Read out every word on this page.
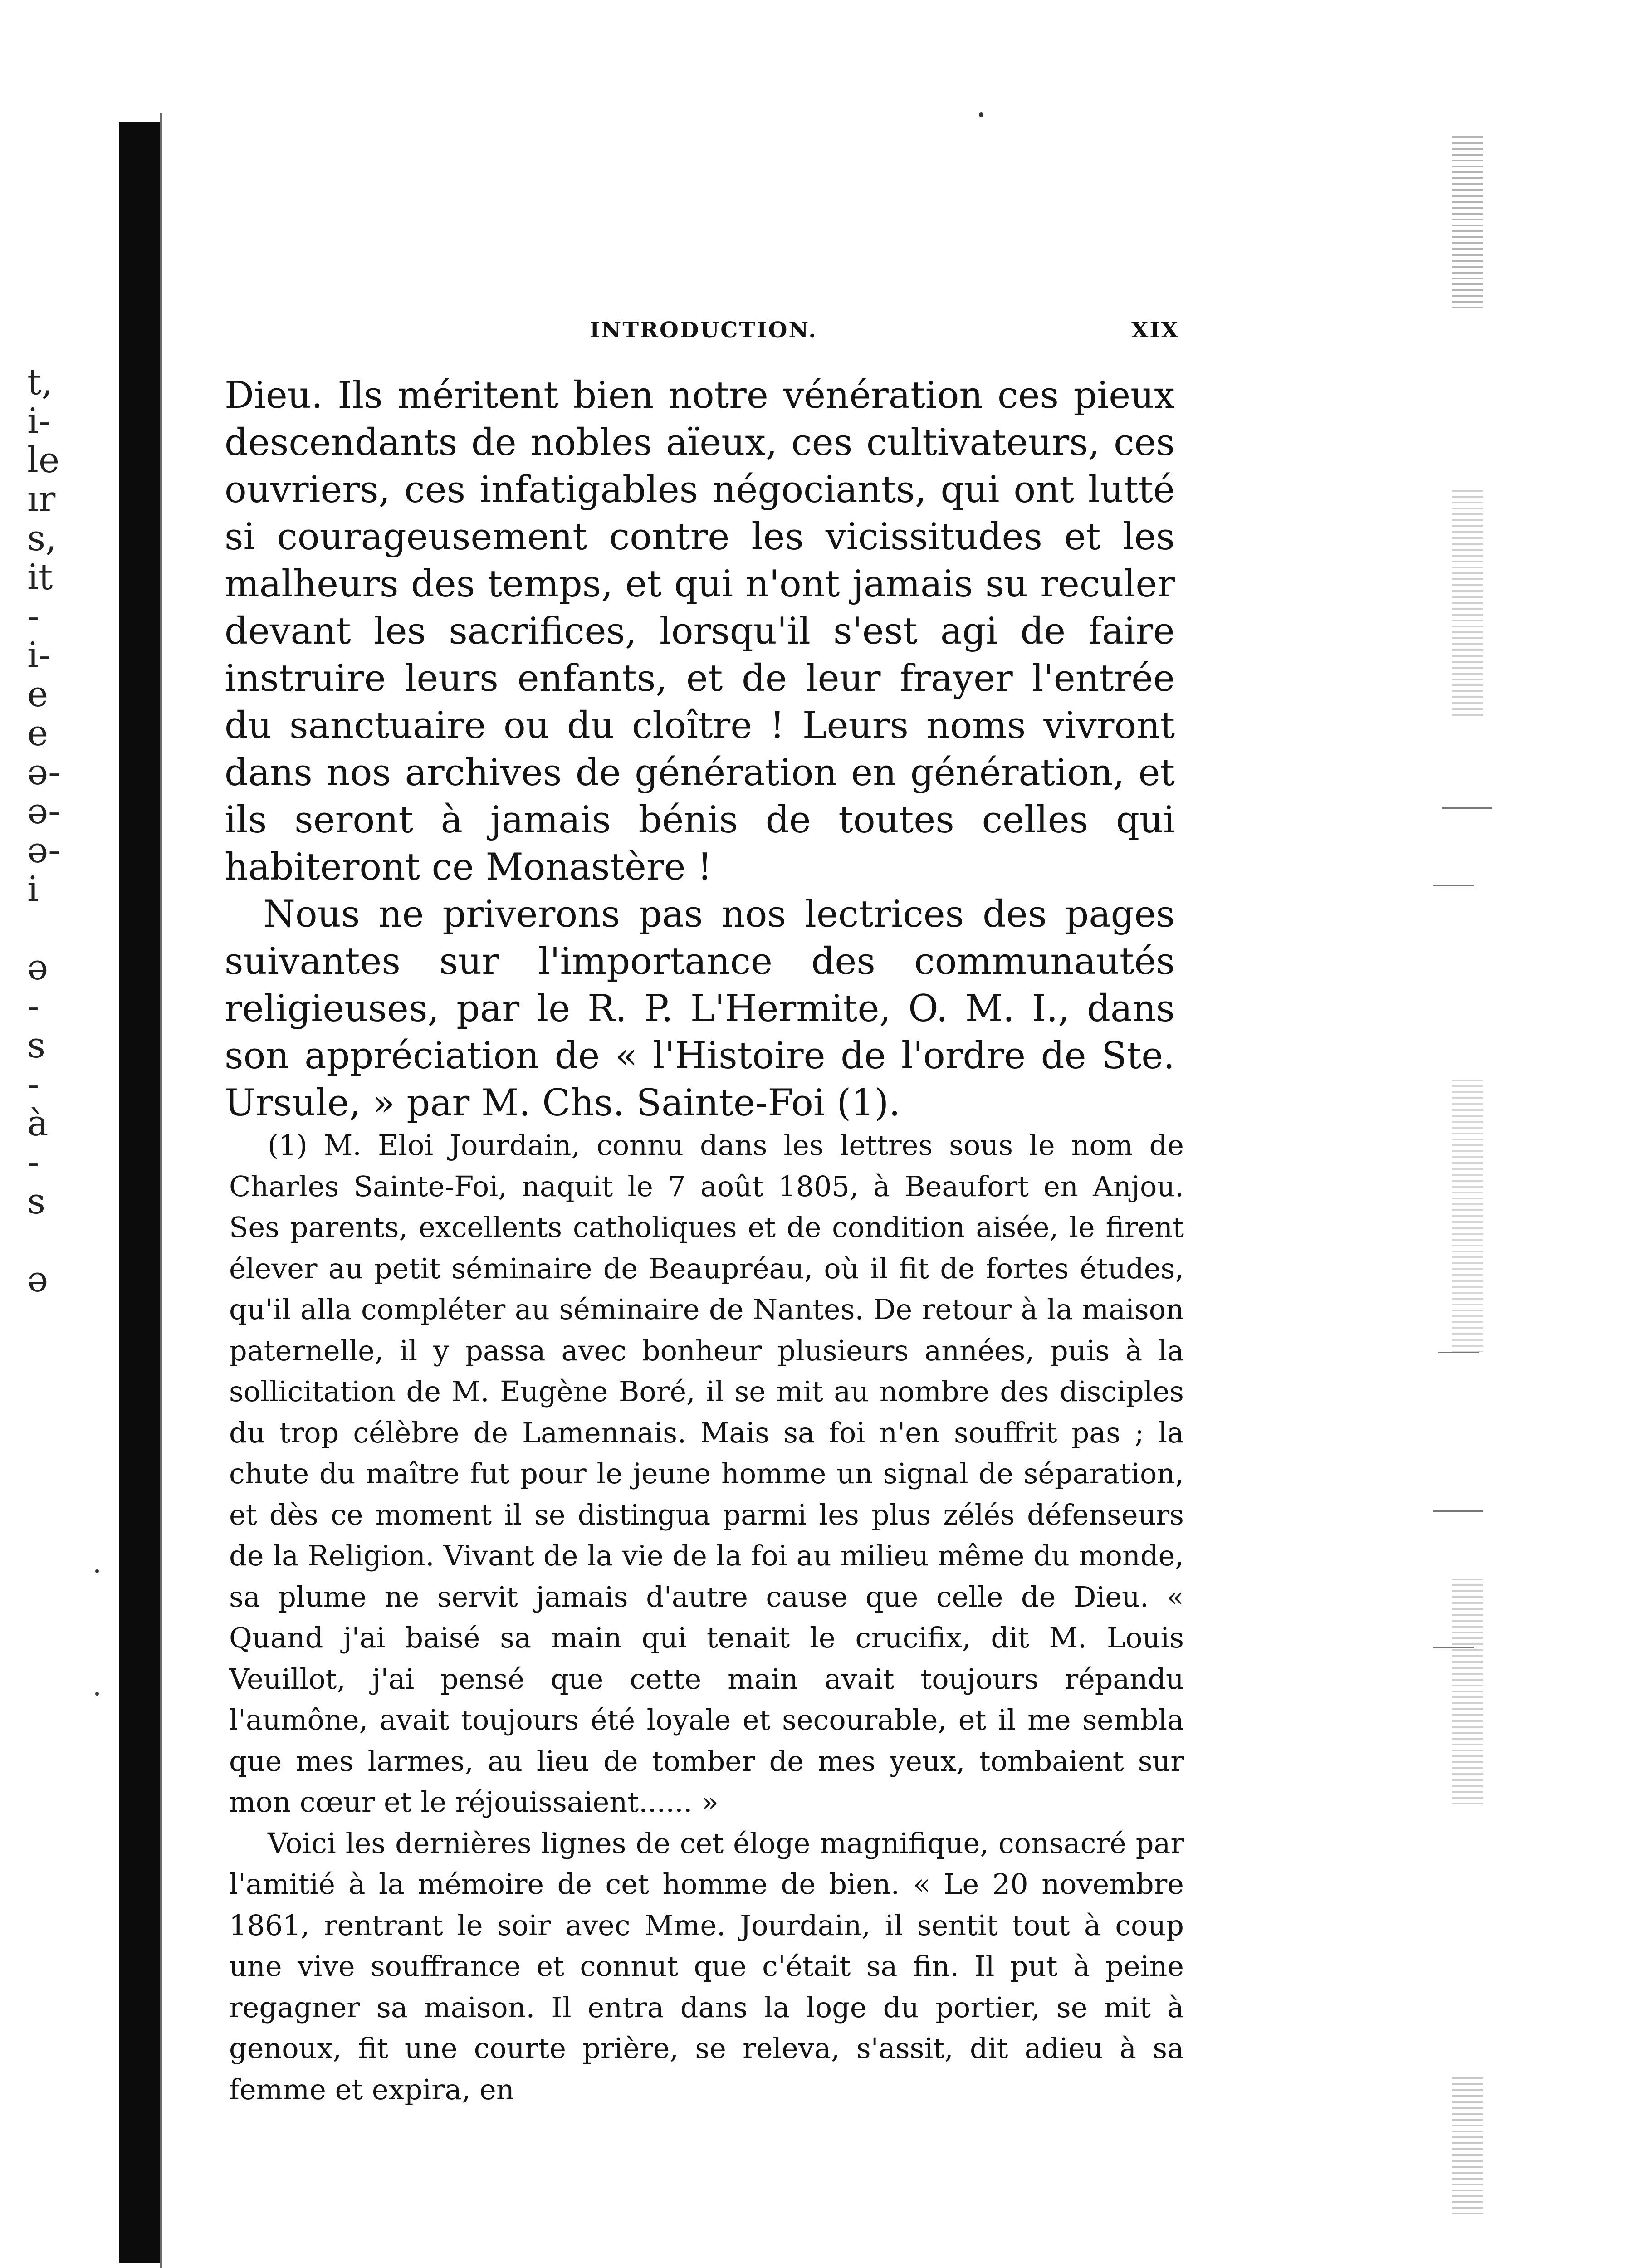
t,
i-
le
ır
s,
it
-
i-
e
e
ə-
ə-
ə-
i
ə
-
s
-
à
-
s
ə
INTRODUCTION.	XIX

Dieu. Ils méritent bien notre vénération ces pieux descendants de nobles aïeux, ces cultivateurs, ces ouvriers, ces infatigables négociants, qui ont lutté si courageusement contre les vicissitudes et les malheurs des temps, et qui n'ont jamais su reculer devant les sacrifices, lorsqu'il s'est agi de faire instruire leurs enfants, et de leur frayer l'entrée du sanctuaire ou du cloître ! Leurs noms vivront dans nos archives de génération en génération, et ils seront à jamais bénis de toutes celles qui habiteront ce Monastère !

Nous ne priverons pas nos lectrices des pages suivantes sur l'importance des communautés religieuses, par le R. P. L'Hermite, O. M. I., dans son appréciation de « l'Histoire de l'ordre de Ste. Ursule, » par M. Chs. Sainte-Foi (1).

(1) M. Eloi Jourdain, connu dans les lettres sous le nom de Charles Sainte-Foi, naquit le 7 août 1805, à Beaufort en Anjou. Ses parents, excellents catholiques et de condition aisée, le firent élever au petit séminaire de Beaupréau, où il fit de fortes études, qu'il alla compléter au séminaire de Nantes. De retour à la maison paternelle, il y passa avec bonheur plusieurs années, puis à la sollicitation de M. Eugène Boré, il se mit au nombre des disciples du trop célèbre de Lamennais. Mais sa foi n'en souffrit pas ; la chute du maître fut pour le jeune homme un signal de séparation, et dès ce moment il se distingua parmi les plus zélés défenseurs de la Religion. Vivant de la vie de la foi au milieu même du monde, sa plume ne servit jamais d'autre cause que celle de Dieu. « Quand j'ai baisé sa main qui tenait le crucifix, dit M. Louis Veuillot, j'ai pensé que cette main avait toujours répandu l'aumône, avait toujours été loyale et secourable, et il me sembla que mes larmes, au lieu de tomber de mes yeux, tombaient sur mon cœur et le réjouissaient...... »

Voici les dernières lignes de cet éloge magnifique, consacré par l'amitié à la mémoire de cet homme de bien. « Le 20 novembre 1861, rentrant le soir avec Mme. Jourdain, il sentit tout à coup une vive souffrance et connut que c'était sa fin. Il put à peine regagner sa maison. Il entra dans la loge du portier, se mit à genoux, fit une courte prière, se releva, s'assit, dit adieu à sa femme et expira, en
